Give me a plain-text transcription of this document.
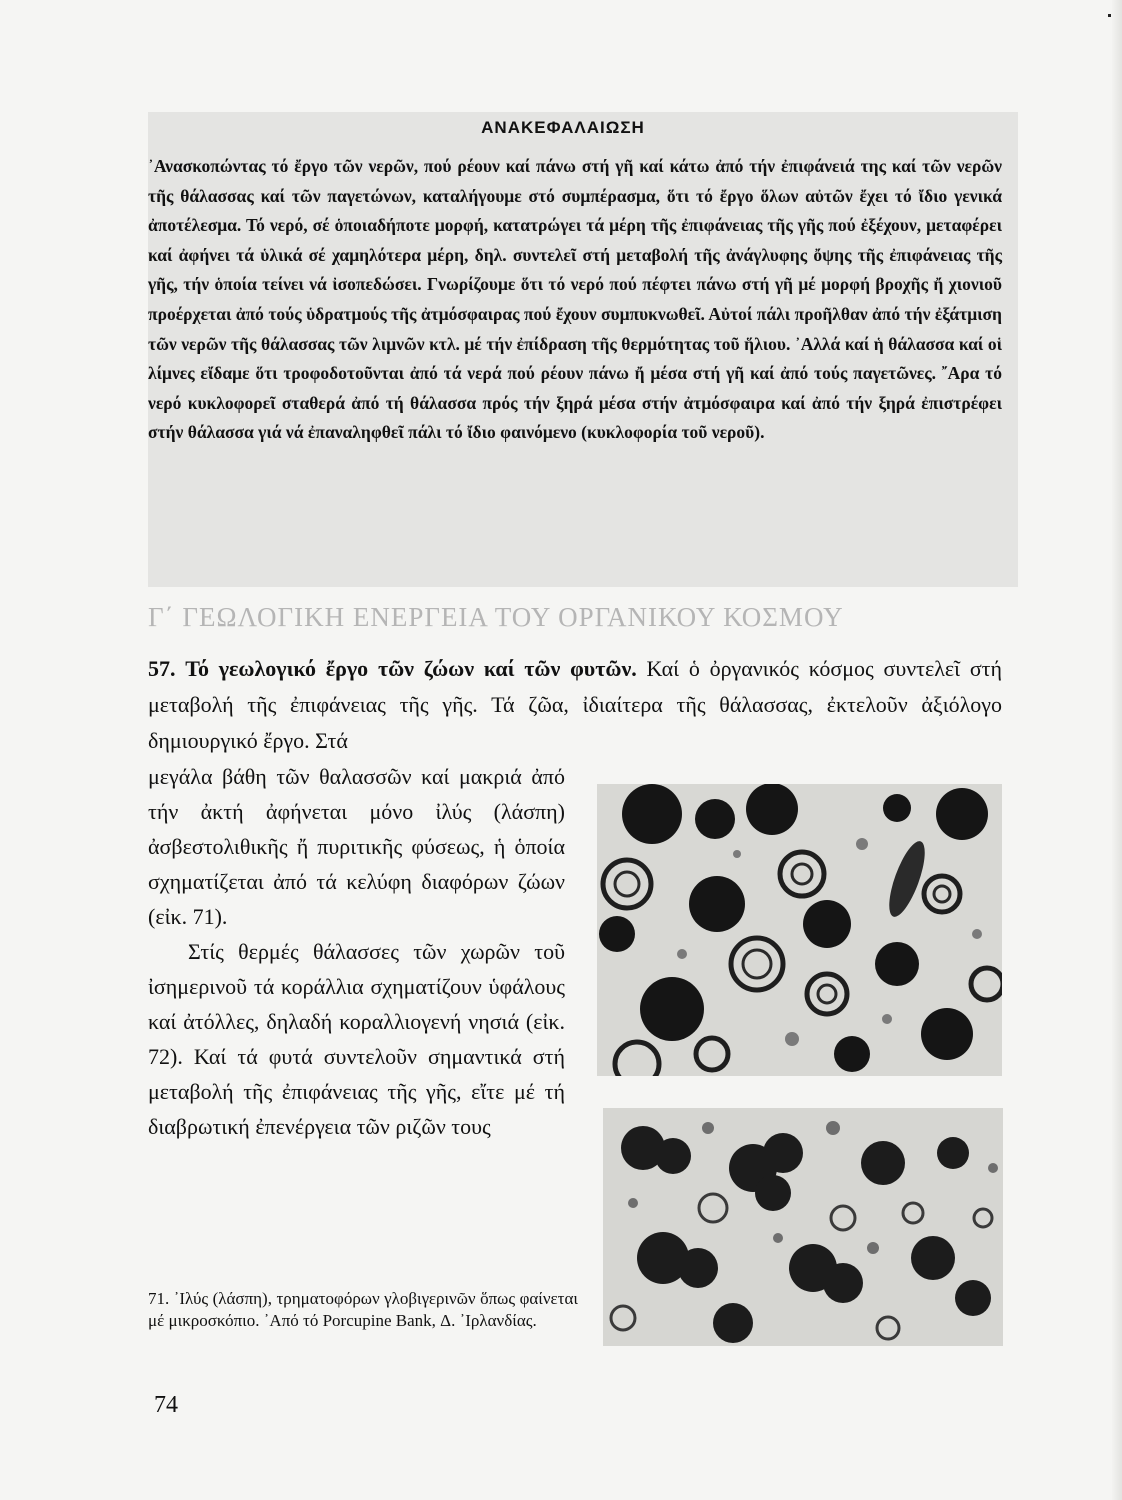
ΑΝΑΚΕΦΑΛΑΙΩΣΗ

᾿Ανασκοπώντας τό ἔργο τῶν νερῶν, πού ρέουν καί πάνω στή γῆ καί κάτω ἀπό τήν ἐπιφάνειά της καί τῶν νερῶν τῆς θάλασσας καί τῶν παγετώνων, καταλήγουμε στό συμπέρασμα, ὅτι τό ἔργο ὅλων αὐτῶν ἔχει τό ἴδιο γενικά ἀποτέλεσμα. Τό νερό, σέ ὁποιαδήποτε μορφή, κατατρώγει τά μέρη τῆς ἐπιφάνειας τῆς γῆς πού ἐξέχουν, μεταφέρει καί ἀφήνει τά ὑλικά σέ χαμηλότερα μέρη, δηλ. συντελεῖ στή μεταβολή τῆς ἀνάγλυφης ὄψης τῆς ἐπιφάνειας τῆς γῆς, τήν ὁποία τείνει νά ἰσοπεδώσει. Γνωρίζουμε ὅτι τό νερό πού πέφτει πάνω στή γῆ μέ μορφή βροχῆς ἤ χιονιοῦ προέρχεται ἀπό τούς ὑδρατμούς τῆς ἀτμόσφαιρας πού ἔχουν συμπυκνωθεῖ. Αὐτοί πάλι προῆλθαν ἀπό τήν ἐξάτμιση τῶν νερῶν τῆς θάλασσας τῶν λιμνῶν κτλ. μέ τήν ἐπίδραση τῆς θερμότητας τοῦ ἥλιου. ᾿Αλλά καί ἡ θάλασσα καί οἱ λίμνες εἴδαμε ὅτι τροφοδοτοῦνται ἀπό τά νερά πού ρέουν πάνω ἤ μέσα στή γῆ καί ἀπό τούς παγετῶνες. ῎Αρα τό νερό κυκλοφορεῖ σταθερά ἀπό τή θάλασσα πρός τήν ξηρά μέσα στήν ἀτμόσφαιρα καί ἀπό τήν ξηρά ἐπιστρέφει στήν θάλασσα γιά νά ἐπαναληφθεῖ πάλι τό ἴδιο φαινόμενο (κυκλοφορία τοῦ νεροῦ).

Γ΄ ΓΕΩΛΟΓΙΚΗ ΕΝΕΡΓΕΙΑ ΤΟΥ ΟΡΓΑΝΙΚΟΥ ΚΟΣΜΟΥ

57. Τό γεωλογικό ἔργο τῶν ζώων καί τῶν φυτῶν. Καί ὁ ὀργανικός κόσμος συντελεῖ στή μεταβολή τῆς ἐπιφάνειας τῆς γῆς. Τά ζῶα, ἰδιαίτερα τῆς θάλασσας, ἐκτελοῦν ἀξιόλογο δημιουργικό ἔργο. Στά

μεγάλα βάθη τῶν θαλασσῶν καί μακριά ἀπό τήν ἀκτή ἀφήνεται μόνο ἰλύς (λάσπη) ἀσβεστολιθικῆς ἤ πυριτικῆς φύσεως, ἡ ὁποία σχηματίζεται ἀπό τά κελύφη διαφόρων ζώων (εἰκ. 71).

Στίς θερμές θάλασσες τῶν χωρῶν τοῦ ἰσημερινοῦ τά κοράλλια σχηματίζουν ὑφάλους καί ἀτόλλες, δηλαδή κοραλλιογενή νησιά (εἰκ. 72). Καί τά φυτά συντελοῦν σημαντικά στή μεταβολή τῆς ἐπιφάνειας τῆς γῆς, εἴτε μέ τή διαβρωτική ἐπενέργεια τῶν ριζῶν τους

71. ᾿Ιλύς (λάσπη), τρηματοφόρων γλοβιγερινῶν ὅπως φαίνεται μέ μικροσκόπιο. ᾿Από τό Porcupine Bank, Δ. ᾿Ιρλανδίας.

74
